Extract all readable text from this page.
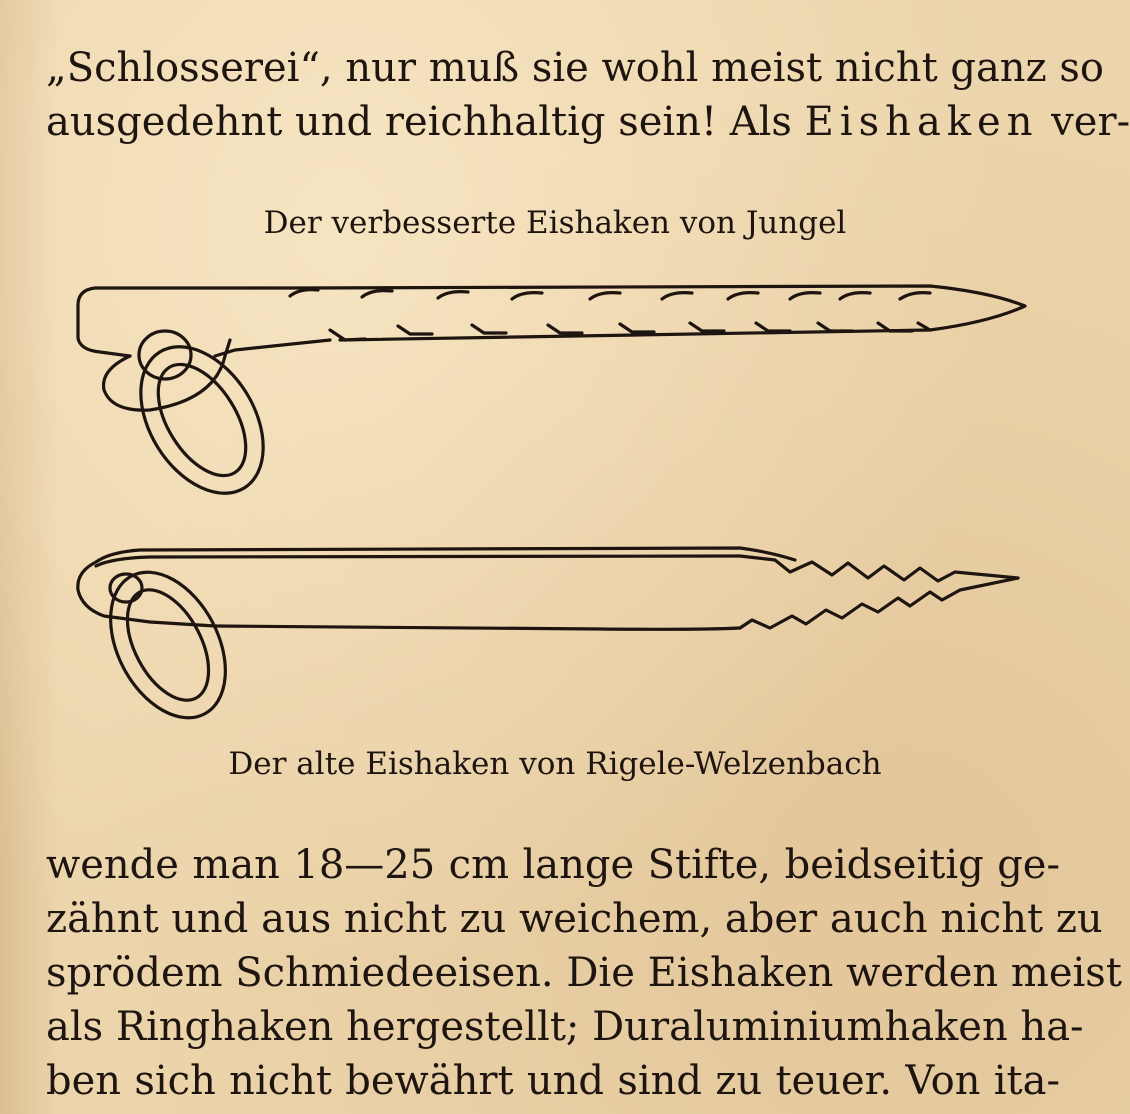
„Schlosserei“, nur muß sie wohl meist nicht ganz so
ausgedehnt und reichhaltig sein! Als Eishaken ver-
Der verbesserte Eishaken von Jungel
Der alte Eishaken von Rigele-Welzenbach
wende man 18—25 cm lange Stifte, beidseitig ge-
zähnt und aus nicht zu weichem, aber auch nicht zu
sprödem Schmiedeeisen. Die Eishaken werden meist
als Ringhaken hergestellt; Duraluminiumhaken ha-
ben sich nicht bewährt und sind zu teuer. Von ita-
